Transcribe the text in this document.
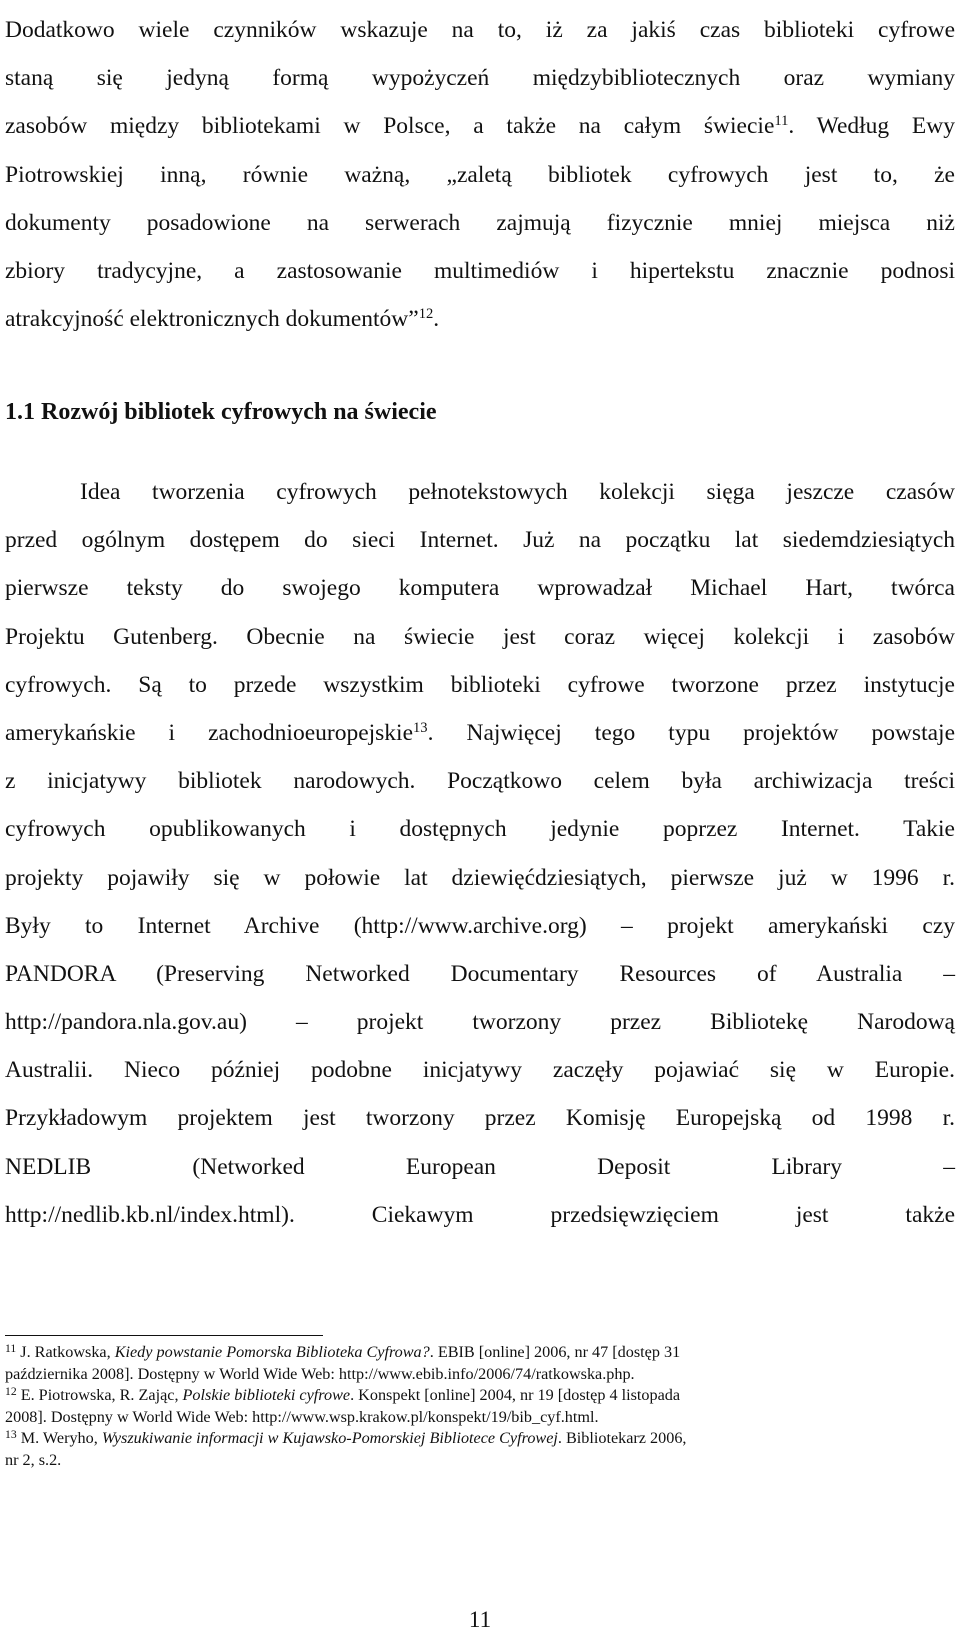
Dodatkowo wiele czynników wskazuje na to, iż za jakiś czas biblioteki cyfrowe
staną się jedyną formą wypożyczeń międzybibliotecznych oraz wymiany
zasobów między bibliotekami w Polsce, a także na całym świecie$^{11}$. Według Ewy
Piotrowskiej inną, równie ważną, „zaletą bibliotek cyfrowych jest to, że
dokumenty posadowione na serwerach zajmują fizycznie mniej miejsca niż
zbiory tradycyjne, a zastosowanie multimediów i hipertekstu znacznie podnosi
atrakcyjność elektronicznych dokumentów”$^{12}$.
1.1 Rozwój bibliotek cyfrowych na świecie
Idea tworzenia cyfrowych pełnotekstowych kolekcji sięga jeszcze czasów
przed ogólnym dostępem do sieci Internet. Już na początku lat siedemdziesiątych
pierwsze teksty do swojego komputera wprowadzał Michael Hart, twórca
Projektu Gutenberg. Obecnie na świecie jest coraz więcej kolekcji i zasobów
cyfrowych. Są to przede wszystkim biblioteki cyfrowe tworzone przez instytucje
amerykańskie i zachodnioeuropejskie$^{13}$. Najwięcej tego typu projektów powstaje
z inicjatywy bibliotek narodowych. Początkowo celem była archiwizacja treści
cyfrowych opublikowanych i dostępnych jedynie poprzez Internet. Takie
projekty pojawiły się w połowie lat dziewięćdziesiątych, pierwsze już w 1996 r.
Były to Internet Archive (http://www.archive.org) – projekt amerykański czy
PANDORA (Preserving Networked Documentary Resources of Australia –
http://pandora.nla.gov.au) – projekt tworzony przez Bibliotekę Narodową
Australii. Nieco później podobne inicjatywy zaczęły pojawiać się w Europie.
Przykładowym projektem jest tworzony przez Komisję Europejską od 1998 r.
NEDLIB (Networked European Deposit Library –
http://nedlib.kb.nl/index.html). Ciekawym przedsięwzięciem jest także
$^{11}$ J. Ratkowska, Kiedy powstanie Pomorska Biblioteka Cyfrowa?. EBIB [online] 2006, nr 47 [dostęp 31
października 2008]. Dostępny w World Wide Web: http://www.ebib.info/2006/74/ratkowska.php.
$^{12}$ E. Piotrowska, R. Zając, Polskie biblioteki cyfrowe. Konspekt [online] 2004, nr 19 [dostęp 4 listopada
2008]. Dostępny w World Wide Web: http://www.wsp.krakow.pl/konspekt/19/bib_cyf.html.
$^{13}$ M. Weryho, Wyszukiwanie informacji w Kujawsko-Pomorskiej Bibliotece Cyfrowej. Bibliotekarz 2006,
nr 2, s.2.
11
